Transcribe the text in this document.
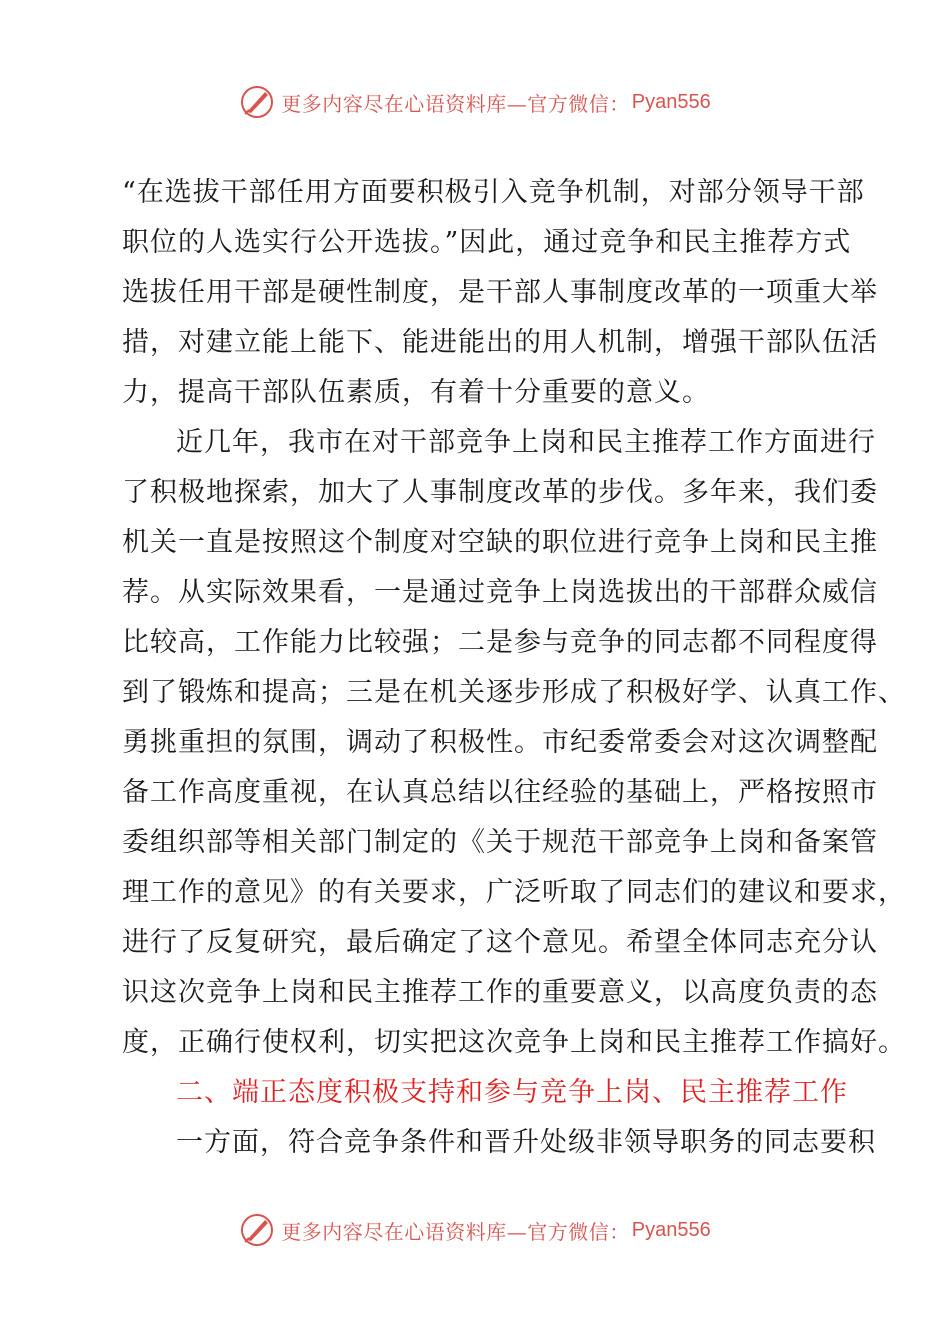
更多内容尽在心语资料库—官方微信： Pyan556
“在选拔干部任用方面要积极引入竞争机制，对部分领导干部
职位的人选实行公开选拔。”因此，通过竞争和民主推荐方式
选拔任用干部是硬性制度，是干部人事制度改革的一项重大举
措，对建立能上能下、能进能出的用人机制，增强干部队伍活
力，提高干部队伍素质，有着十分重要的意义。
近几年，我市在对干部竞争上岗和民主推荐工作方面进行
了积极地探索，加大了人事制度改革的步伐。多年来，我们委
机关一直是按照这个制度对空缺的职位进行竞争上岗和民主推
荐。从实际效果看，一是通过竞争上岗选拔出的干部群众威信
比较高，工作能力比较强；二是参与竞争的同志都不同程度得
到了锻炼和提高；三是在机关逐步形成了积极好学、认真工作、
勇挑重担的氛围，调动了积极性。市纪委常委会对这次调整配
备工作高度重视，在认真总结以往经验的基础上，严格按照市
委组织部等相关部门制定的《关于规范干部竞争上岗和备案管
理工作的意见》的有关要求，广泛听取了同志们的建议和要求，
进行了反复研究，最后确定了这个意见。希望全体同志充分认
识这次竞争上岗和民主推荐工作的重要意义，以高度负责的态
度，正确行使权利，切实把这次竞争上岗和民主推荐工作搞好。
二、端正态度积极支持和参与竞争上岗、民主推荐工作
一方面，符合竞争条件和晋升处级非领导职务的同志要积
更多内容尽在心语资料库—官方微信： Pyan556
